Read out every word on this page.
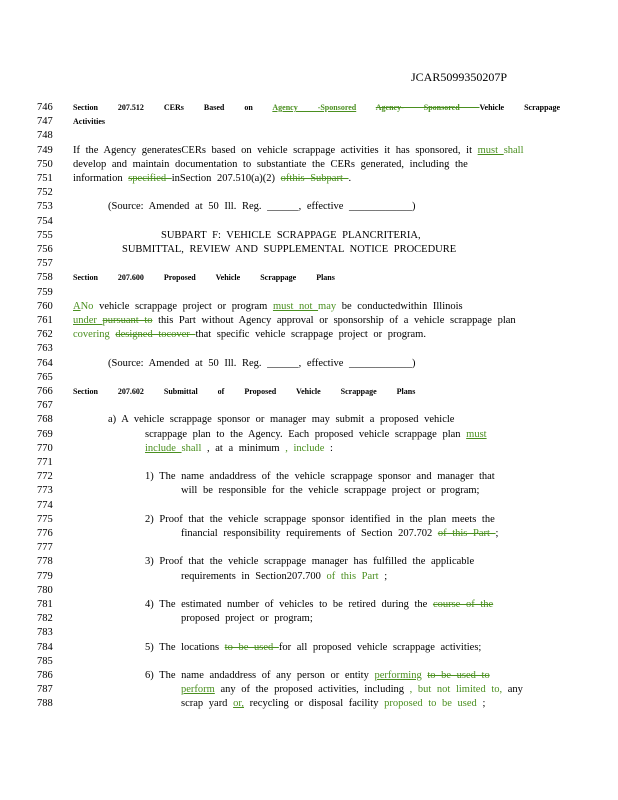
JCAR5099350207P
746	Section 207.512 CERs Based on Agency -Sponsored Agency- Sponsored Vehicle Scrappage
747	Activities
748
749	If the Agency generatesCERs based on vehicle scrappage activities it has sponsored, it must shall
750	develop and maintain documentation to substantiate the CERs generated, including the
751	information specified inSection 207.510(a)(2) ofthis Subpart .
752
753	(Source: Amended at 50 Ill. Reg. ______, effective ____________)
754
755	SUBPART F: VEHICLE SCRAPPAGE PLANCRITERIA,
756	SUBMITTAL, REVIEW AND SUPPLEMENTAL NOTICE PROCEDURE
757
758	Section 207.600 Proposed Vehicle Scrappage Plans
759
760	ANo vehicle scrappage project or program must not may be conductedwithin Illinois
761	under pursuant to this Part without Agency approval or sponsorship of a vehicle scrappage plan
762	covering designed tocover that specific vehicle scrappage project or program.
763
764	(Source: Amended at 50 Ill. Reg. ______, effective ____________)
765
766	Section 207.602 Submittal of Proposed Vehicle Scrappage Plans
767
768	a) A vehicle scrappage sponsor or manager may submit a proposed vehicle
769	scrappage plan to the Agency. Each proposed vehicle scrappage plan must
770	include shall , at a minimum , include :
771
772	1) The name andaddress of the vehicle scrappage sponsor and manager that
773	will be responsible for the vehicle scrappage project or program;
774
775	2) Proof that the vehicle scrappage sponsor identified in the plan meets the
776	financial responsibility requirements of Section 207.702 of this Part ;
777
778	3) Proof that the vehicle scrappage manager has fulfilled the applicable
779	requirements in Section207.700 of this Part ;
780
781	4) The estimated number of vehicles to be retired during the course of the
782	proposed project or program;
783
784	5) The locations to be used for all proposed vehicle scrappage activities;
785
786	6) The name andaddress of any person or entity performing to be used to
787	perform any of the proposed activities, including , but not limited to, any
788	scrap yard or, recycling or disposal facility proposed to be used ;
